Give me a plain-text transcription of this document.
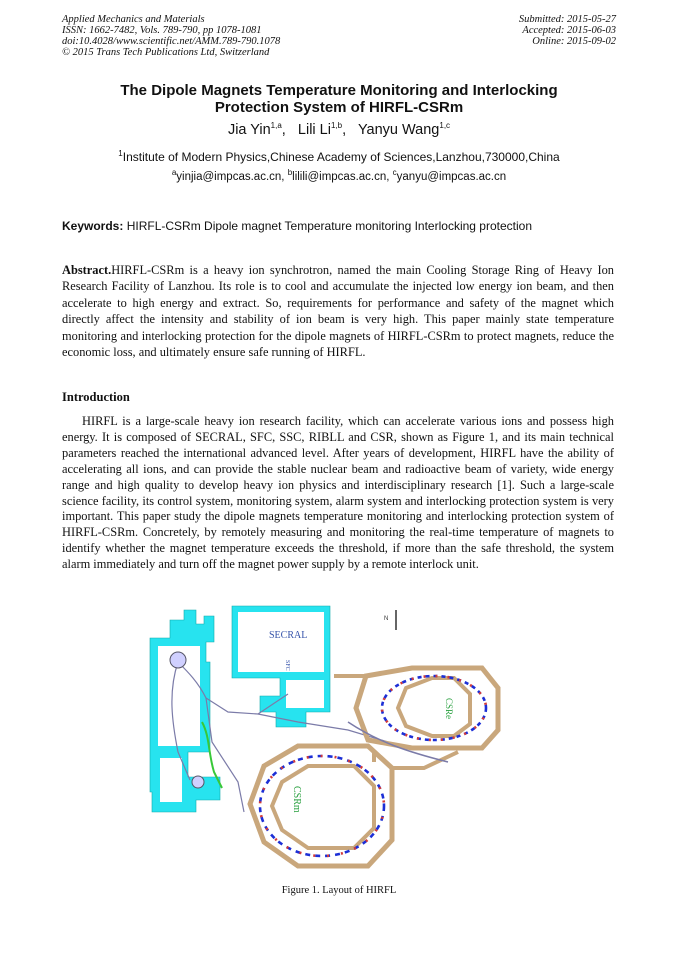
Applied Mechanics and Materials
ISSN: 1662-7482, Vols. 789-790, pp 1078-1081
doi:10.4028/www.scientific.net/AMM.789-790.1078
© 2015 Trans Tech Publications Ltd, Switzerland
Submitted: 2015-05-27
Accepted: 2015-06-03
Online: 2015-09-02
The Dipole Magnets Temperature Monitoring and Interlocking
Protection System of HIRFL-CSRm
Jia Yin$^{1,a}$,   Lili Li$^{1,b}$,   Yanyu Wang$^{1,c}$
$^1$Institute of Modern Physics,Chinese Academy of Sciences,Lanzhou,730000,China
$^a$yinjia@impcas.ac.cn, $^b$lilili@impcas.ac.cn, $^c$yanyu@impcas.ac.cn
Keywords: HIRFL-CSRm Dipole magnet Temperature monitoring Interlocking protection
Abstract.HIRFL-CSRm is a heavy ion synchrotron, named the main Cooling Storage Ring of Heavy Ion Research Facility of Lanzhou. Its role is to cool and accumulate the injected low energy ion beam, and then accelerate to high energy and extract. So, requirements for performance and safety of the magnet which directly affect the intensity and stability of ion beam is very high. This paper mainly state temperature monitoring and interlocking protection for the dipole magnets of HIRFL-CSRm to protect magnets, reduce the economic loss, and ultimately ensure safe running of HIRFL.
Introduction
HIRFL is a large-scale heavy ion research facility, which can accelerate various ions and possess high energy. It is composed of SECRAL, SFC, SSC, RIBLL and CSR, shown as Figure 1, and its main technical parameters reached the international advanced level. After years of development, HIRFL have the ability of accelerating all ions, and can provide the stable nuclear beam and radioactive beam of variety, wide energy range and high quality to develop heavy ion physics and interdisciplinary research [1]. Such a large-scale science facility, its control system, monitoring system, alarm system and interlocking protection system is very important. This paper study the dipole magnets temperature monitoring and interlocking protection system of HIRFL-CSRm. Concretely, by remotely measuring and monitoring the real-time temperature of magnets to identify whether the magnet temperature exceeds the threshold, if more than the safe threshold, the system alarm immediately and turn off the magnet power supply by a remote interlock unit.
SECRAL
SFC
N
CSRe
CSRm
Figure 1. Layout of HIRFL
